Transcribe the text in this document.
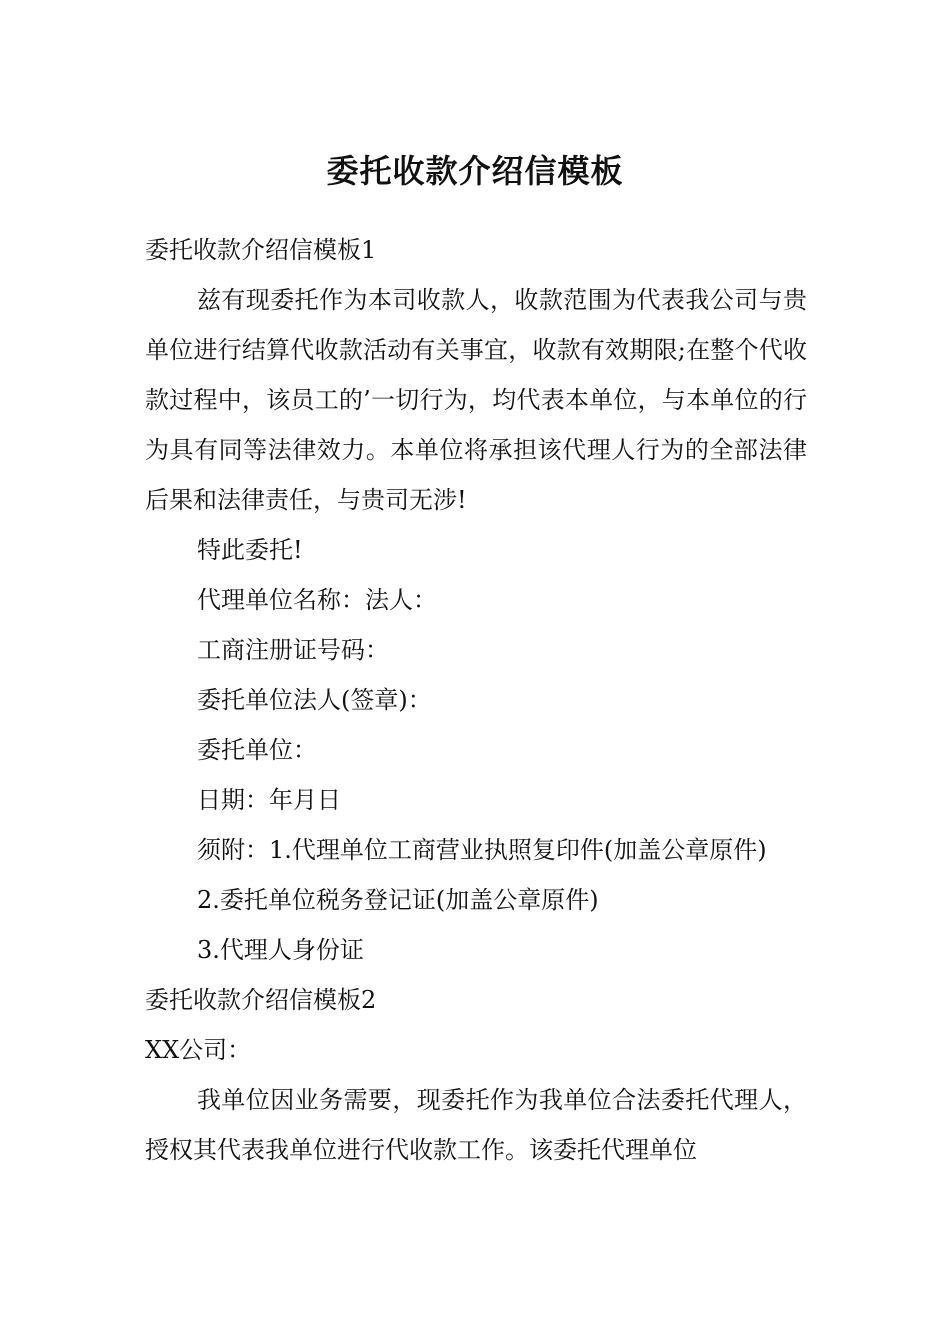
委托收款介绍信模板

委托收款介绍信模板1

兹有现委托作为本司收款人，收款范围为代表我公司与贵单位进行结算代收款活动有关事宜，收款有效期限;在整个代收款过程中，该员工的’一切行为，均代表本单位，与本单位的行为具有同等法律效力。本单位将承担该代理人行为的全部法律后果和法律责任，与贵司无涉!

特此委托!

代理单位名称：法人：

工商注册证号码：

委托单位法人(签章)：

委托单位：

日期：年月日

须附：1.代理单位工商营业执照复印件(加盖公章原件)

2.委托单位税务登记证(加盖公章原件)

3.代理人身份证

委托收款介绍信模板2

XX公司：

我单位因业务需要，现委托作为我单位合法委托代理人，授权其代表我单位进行代收款工作。该委托代理单位
